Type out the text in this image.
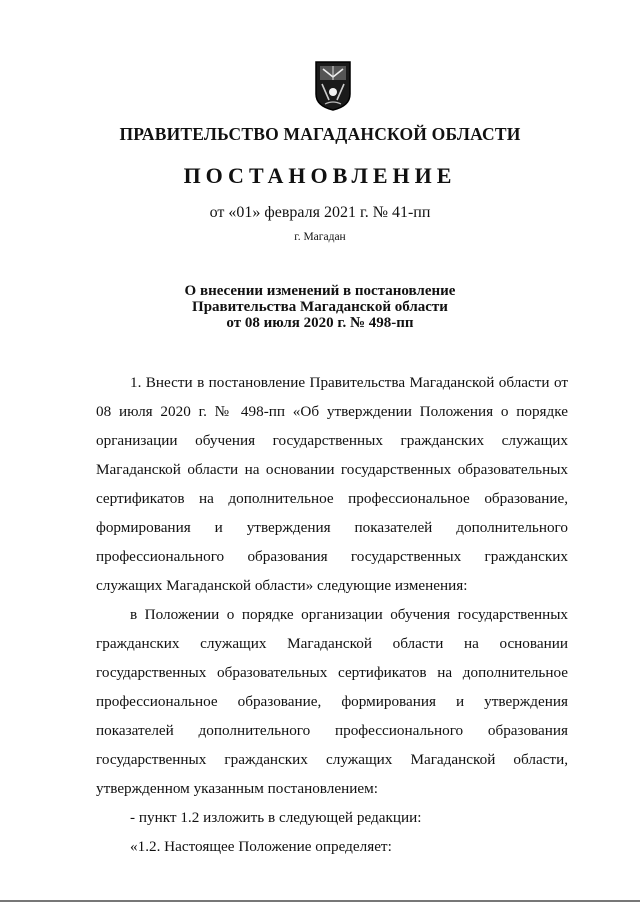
ПРАВИТЕЛЬСТВО МАГАДАНСКОЙ ОБЛАСТИ
ПОСТАНОВЛЕНИЕ

от «01» февраля 2021 г. № 41-пп

г. Магадан

О внесении изменений в постановление
Правительства Магаданской области
от 08 июля 2020 г. № 498-пп

1. Внести в постановление Правительства Магаданской области от 08 июля 2020 г. № 498-пп «Об утверждении Положения о порядке организации обучения государственных гражданских служащих Магаданской области на основании государственных образовательных сертификатов на дополнительное профессиональное образование, формирования и утверждения показателей дополнительного профессионального образования государственных гражданских служащих Магаданской области» следующие изменения:

в Положении о порядке организации обучения государственных гражданских служащих Магаданской области на основании государственных образовательных сертификатов на дополнительное профессиональное образование, формирования и утверждения показателей дополнительного профессионального образования государственных гражданских служащих Магаданской области, утвержденном указанным постановлением:

- пункт 1.2 изложить в следующей редакции:

«1.2. Настоящее Положение определяет:
